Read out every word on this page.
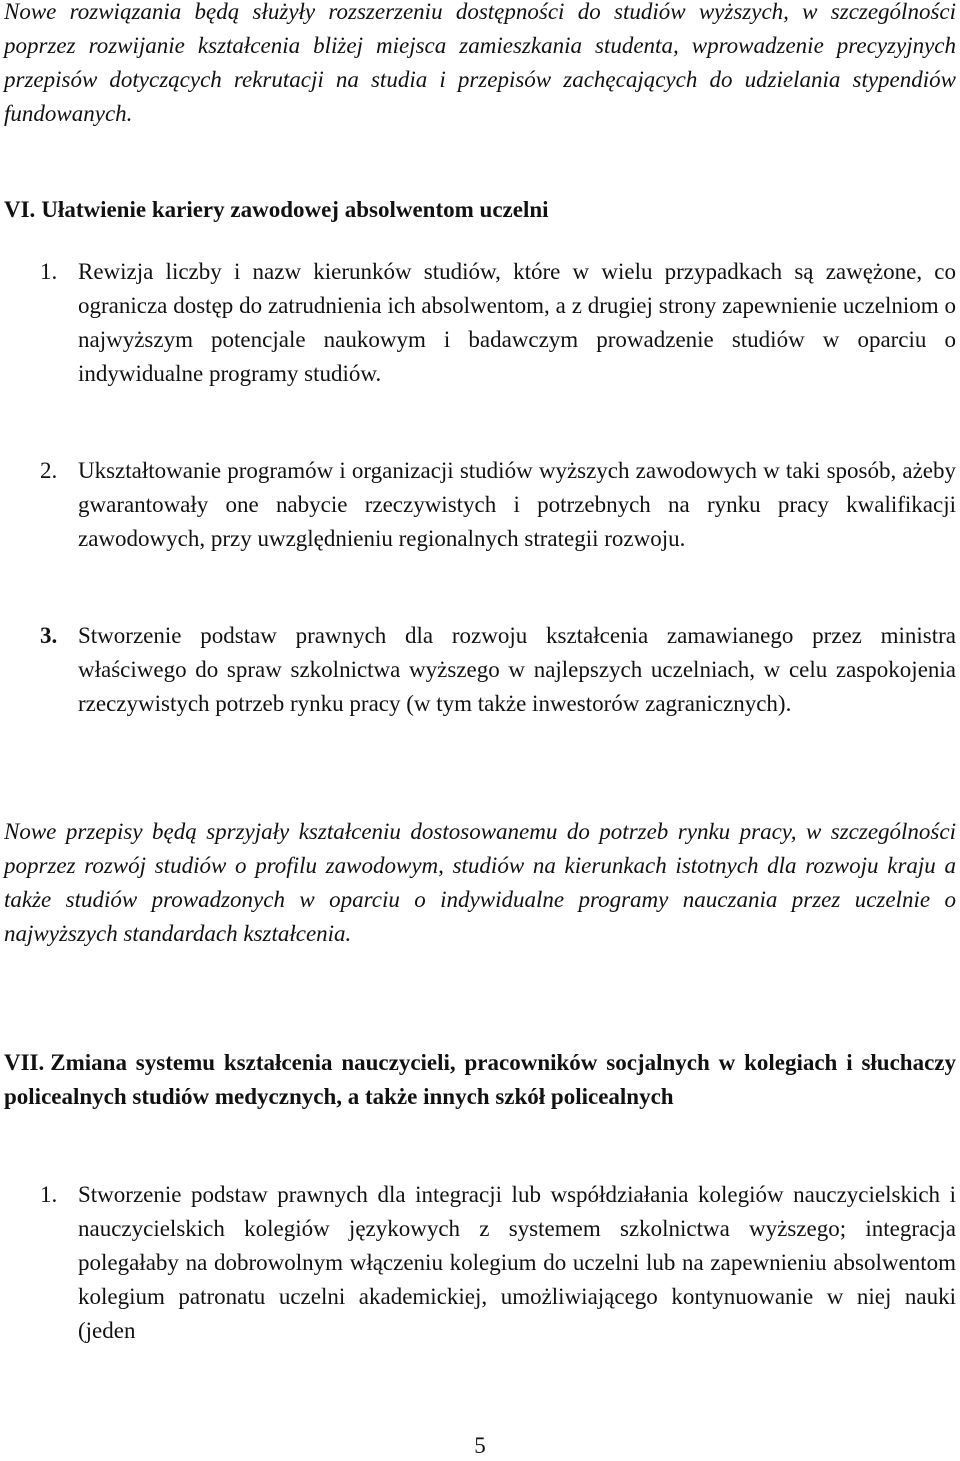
Nowe rozwiązania będą służyły rozszerzeniu dostępności do studiów wyższych, w szczególności poprzez rozwijanie kształcenia bliżej miejsca zamieszkania studenta, wprowadzenie precyzyjnych przepisów dotyczących rekrutacji na studia i przepisów zachęcających do udzielania stypendiów fundowanych.

VI. Ułatwienie kariery zawodowej absolwentom uczelni
1. Rewizja liczby i nazw kierunków studiów, które w wielu przypadkach są zawężone, co ogranicza dostęp do zatrudnienia ich absolwentom, a z drugiej strony zapewnienie uczelniom o najwyższym potencjale naukowym i badawczym prowadzenie studiów w oparciu o indywidualne programy studiów.
2. Ukształtowanie programów i organizacji studiów wyższych zawodowych w taki sposób, ażeby gwarantowały one nabycie rzeczywistych i potrzebnych na rynku pracy kwalifikacji zawodowych, przy uwzględnieniu regionalnych strategii rozwoju.
3. Stworzenie podstaw prawnych dla rozwoju kształcenia zamawianego przez ministra właściwego do spraw szkolnictwa wyższego w najlepszych uczelniach, w celu zaspokojenia rzeczywistych potrzeb rynku pracy (w tym także inwestorów zagranicznych).

Nowe przepisy będą sprzyjały kształceniu dostosowanemu do potrzeb rynku pracy, w szczególności poprzez rozwój studiów o profilu zawodowym, studiów na kierunkach istotnych dla rozwoju kraju a także studiów prowadzonych w oparciu o indywidualne programy nauczania przez uczelnie o najwyższych standardach kształcenia.

VII. Zmiana systemu kształcenia nauczycieli, pracowników socjalnych w kolegiach i słuchaczy policealnych studiów medycznych, a także innych szkół policealnych
1. Stworzenie podstaw prawnych dla integracji lub współdziałania kolegiów nauczycielskich i nauczycielskich kolegiów językowych z systemem szkolnictwa wyższego; integracja polegałaby na dobrowolnym włączeniu kolegium do uczelni lub na zapewnieniu absolwentom kolegium patronatu uczelni akademickiej, umożliwiającego kontynuowanie w niej nauki (jeden
5
